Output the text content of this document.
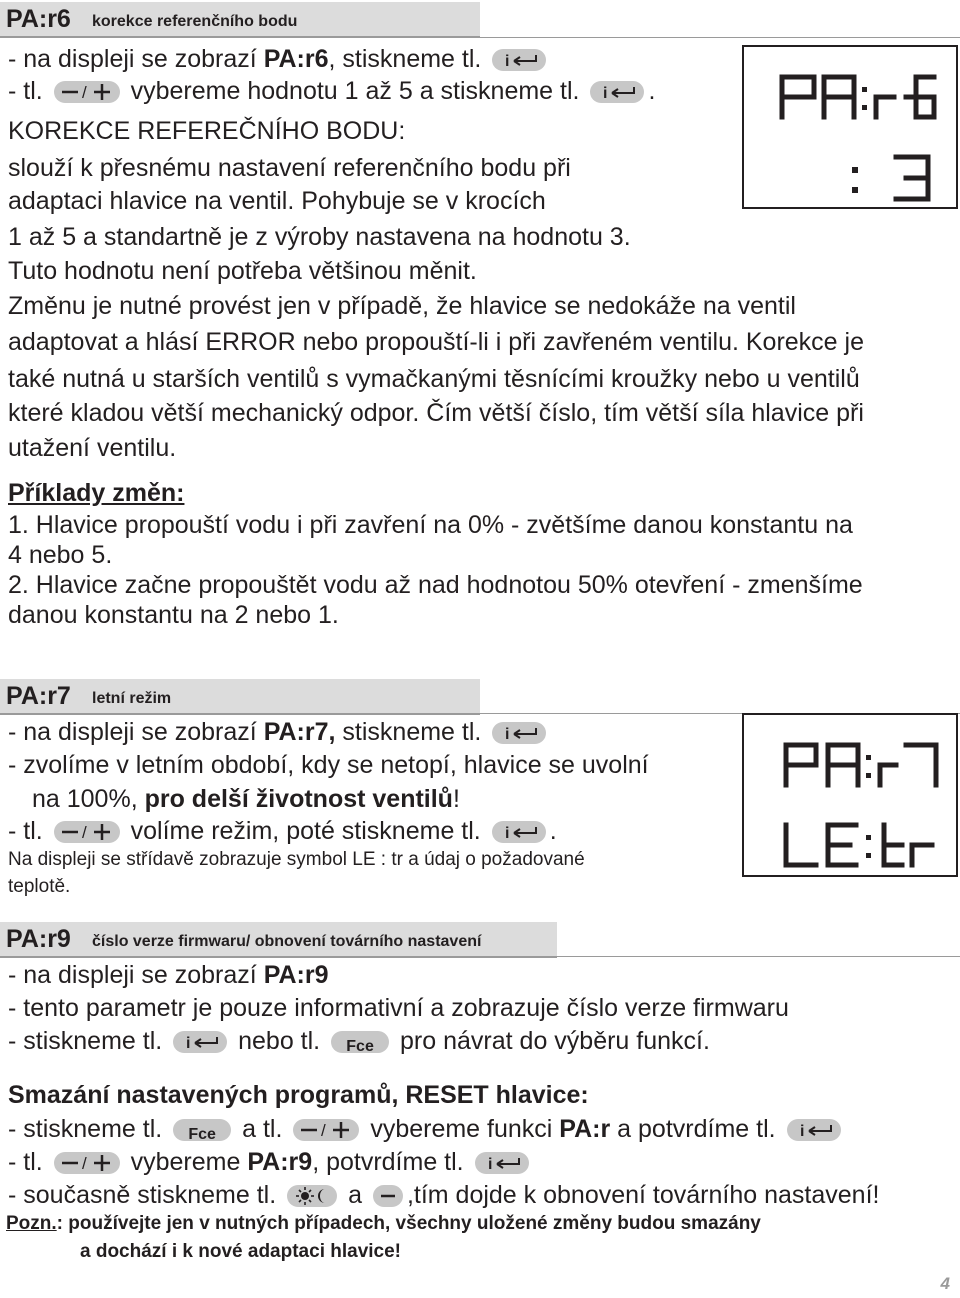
PA:r6 korekce referenčního bodu
- na displeji se zobrazí PA:r6, stiskneme tl. i
- tl. / vybereme hodnotu 1 až 5 a stiskneme tl. i .
KOREKCE REFEREČNÍHO BODU:
slouží k přesnému nastavení referenčního bodu při
adaptaci hlavice na ventil. Pohybuje se v krocích
1 až 5 a standartně je z výroby nastavena na hodnotu 3.
Tuto hodnotu není potřeba většinou měnit.
Změnu je nutné provést jen v případě, že hlavice se nedokáže na ventil
adaptovat a hlásí ERROR nebo propouští-li i při zavřeném ventilu. Korekce je
také nutná u starších ventilů s vymačkanými těsnícími kroužky nebo u ventilů
které kladou větší mechanický odpor. Čím větší číslo, tím větší síla hlavice při
utažení ventilu.
Příklady změn:
1. Hlavice propouští vodu i při zavření na 0% - zvětšíme danou konstantu na
4 nebo 5.
2. Hlavice začne propouštět vodu až nad hodnotou 50% otevření - zmenšíme
danou konstantu na 2 nebo 1.
PA:r7 letní režim
- na displeji se zobrazí PA:r7, stiskneme tl. i
- zvolíme v letním období, kdy se netopí, hlavice se uvolní
na 100%, pro delší životnost ventilů!
- tl. / volíme režim, poté stiskneme tl. i .
Na displeji se střídavě zobrazuje symbol LE : tr a údaj o požadované
teplotě.
PA:r9 číslo verze firmwaru/ obnovení továrního nastavení
- na displeji se zobrazí PA:r9
- tento parametr je pouze informativní a zobrazuje číslo verze firmwaru
- stiskneme tl. i nebo tl.	Fce	pro návrat do výběru funkcí.
Smazání nastavených programů, RESET hlavice:
- stiskneme tl.	Fce	a tl. / vybereme funkci PA:r a potvrdíme tl. i
- tl. / vybereme PA:r9, potvrdíme tl. i
- současně stiskneme tl.	a ,tím dojde k obnovení továrního nastavení!
Pozn.: používejte jen v nutných případech, všechny uložené změny budou smazány
a dochází i k nové adaptaci hlavice!
4
